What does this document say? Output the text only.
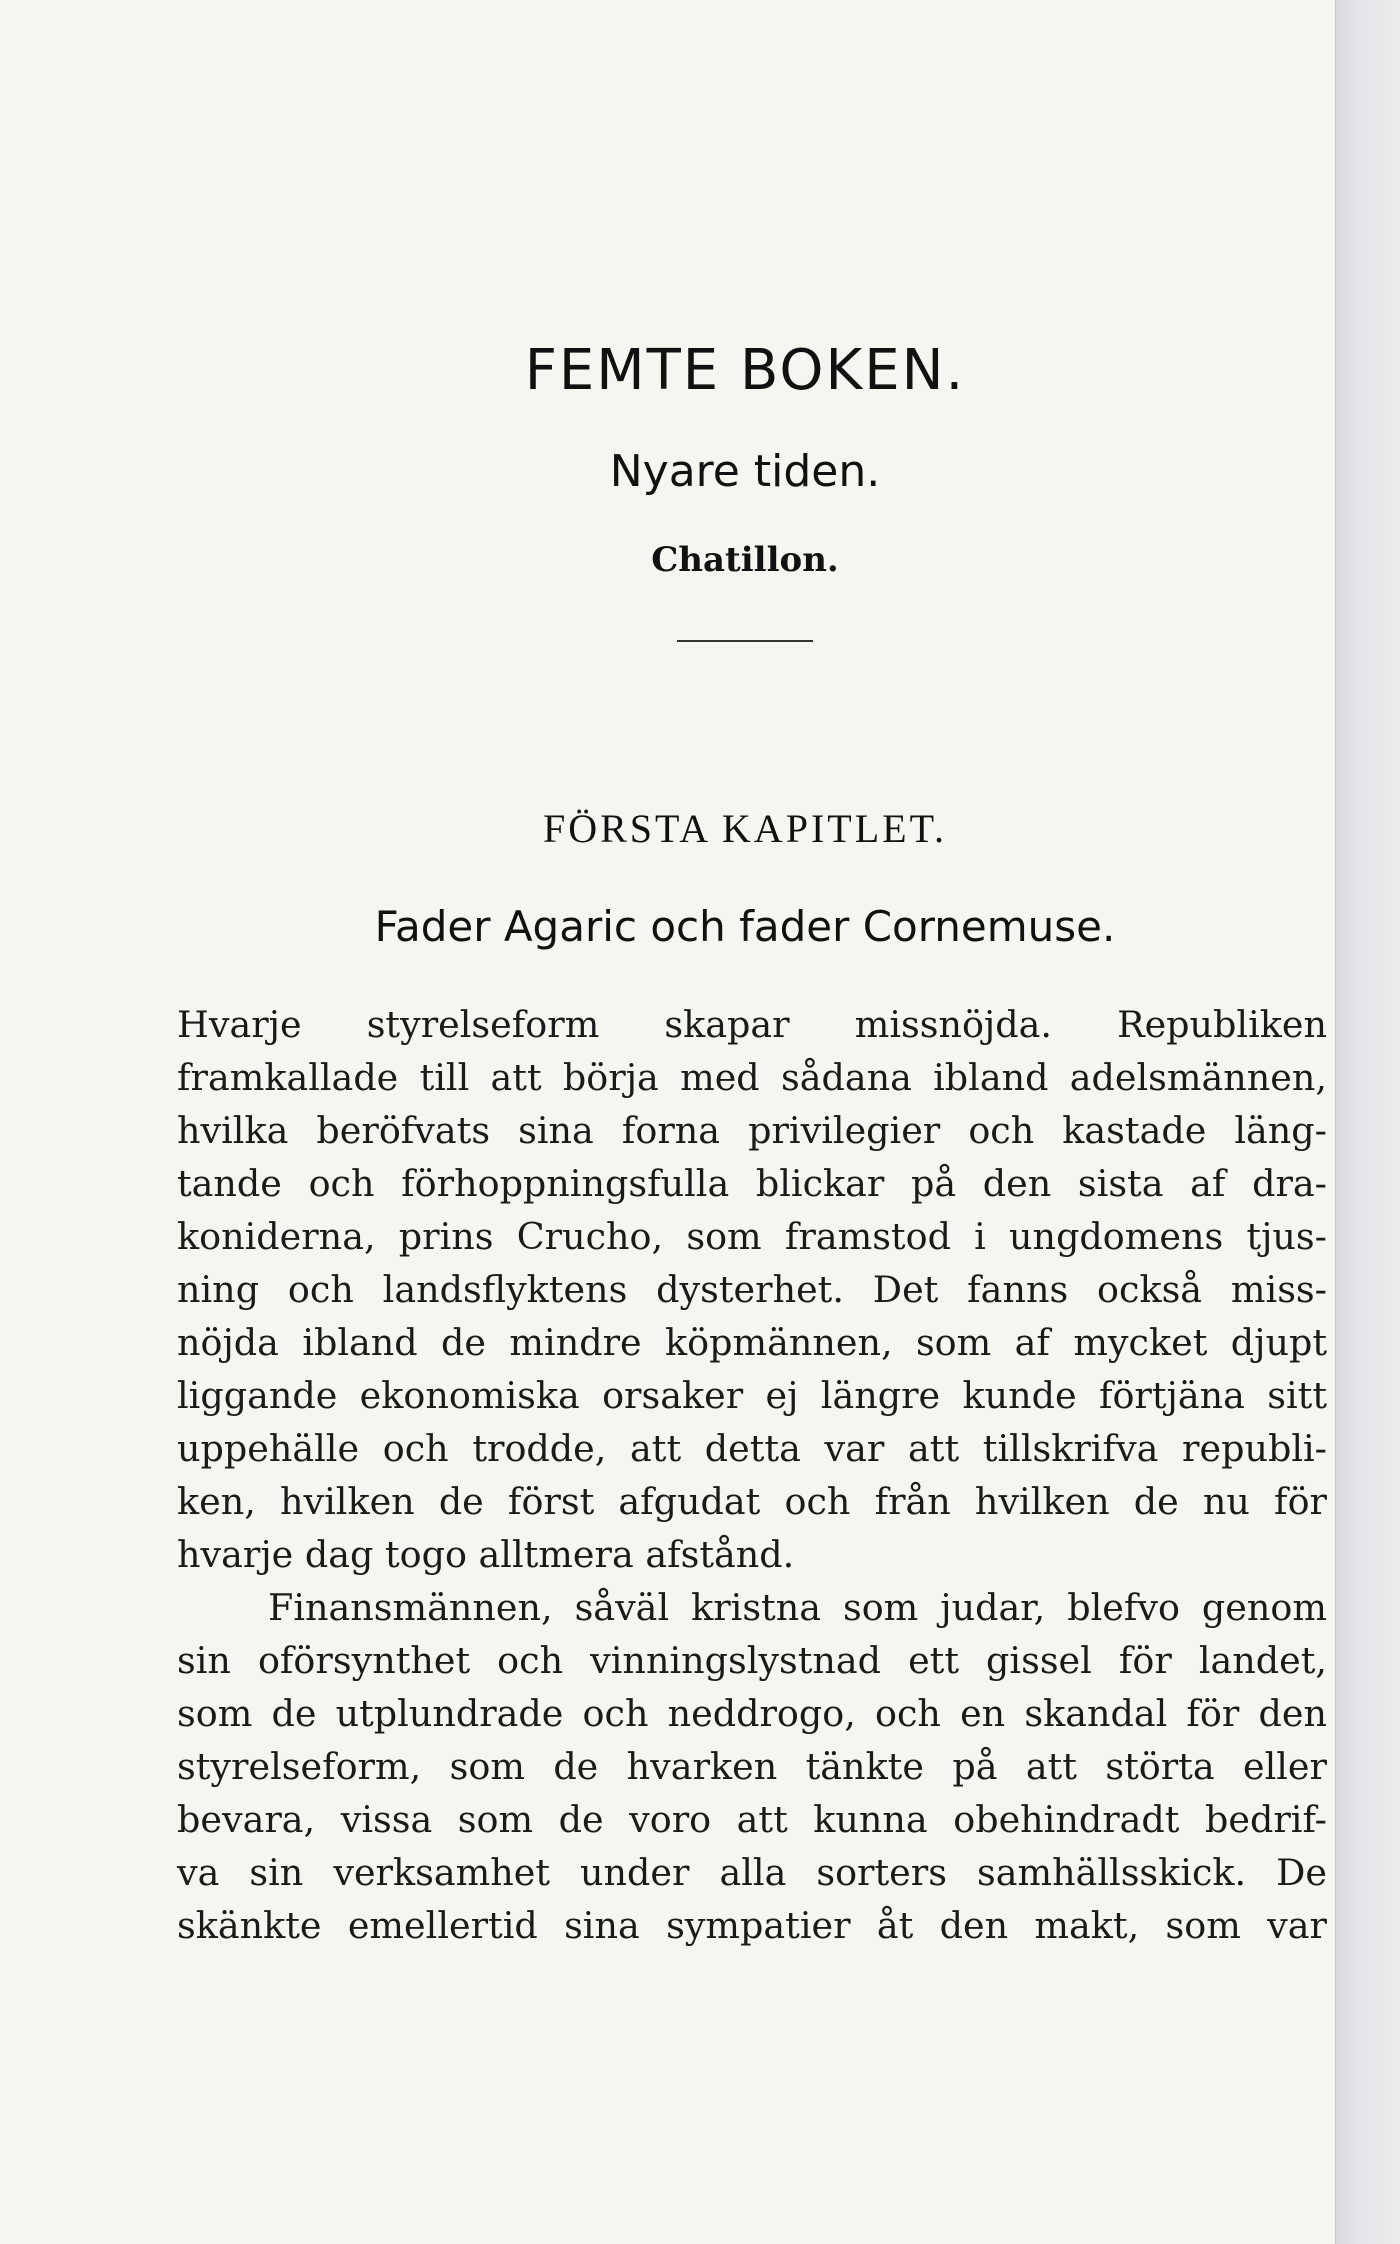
FEMTE BOKEN.
Nyare tiden.
Chatillon.
FÖRSTA KAPITLET.
Fader Agaric och fader Cornemuse.
Hvarje styrelseform skapar missnöjda. Republiken
framkallade till att börja med sådana ibland adelsmännen,
hvilka beröfvats sina forna privilegier och kastade läng-
tande och förhoppningsfulla blickar på den sista af dra-
koniderna, prins Crucho, som framstod i ungdomens tjus-
ning och landsflyktens dysterhet. Det fanns också miss-
nöjda ibland de mindre köpmännen, som af mycket djupt
liggande ekonomiska orsaker ej längre kunde förtjäna sitt
uppehälle och trodde, att detta var att tillskrifva republi-
ken, hvilken de först afgudat och från hvilken de nu för
hvarje dag togo alltmera afstånd.
Finansmännen, såväl kristna som judar, blefvo genom
sin oförsynthet och vinningslystnad ett gissel för landet,
som de utplundrade och neddrogo, och en skandal för den
styrelseform, som de hvarken tänkte på att störta eller
bevara, vissa som de voro att kunna obehindradt bedrif-
va sin verksamhet under alla sorters samhällsskick. De
skänkte emellertid sina sympatier åt den makt, som var
